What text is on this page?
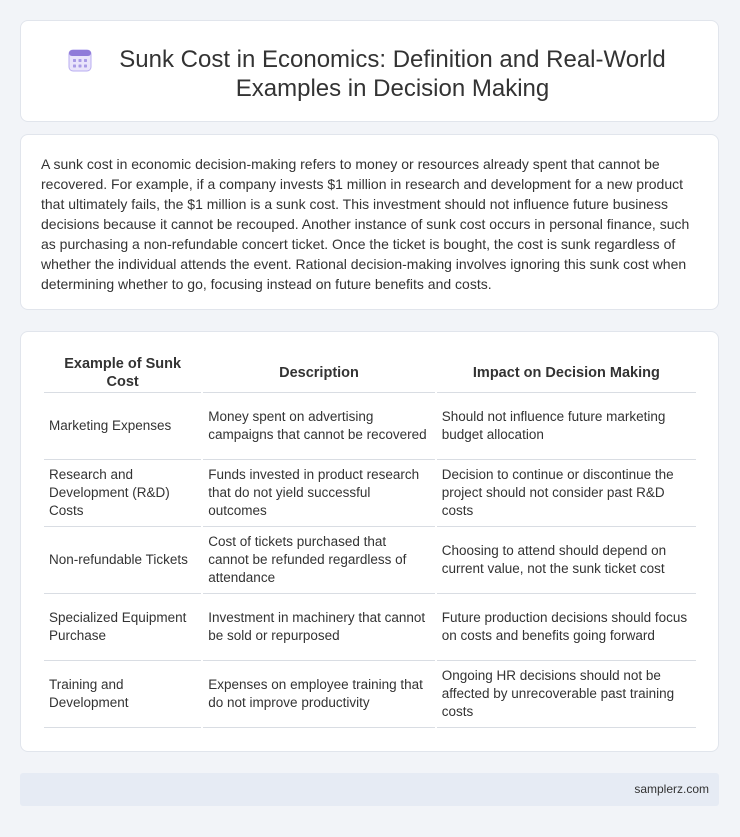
Sunk Cost in Economics: Definition and Real-World Examples in Decision Making

A sunk cost in economic decision-making refers to money or resources already spent that cannot be recovered. For example, if a company invests $1 million in research and development for a new product that ultimately fails, the $1 million is a sunk cost. This investment should not influence future business decisions because it cannot be recouped. Another instance of sunk cost occurs in personal finance, such as purchasing a non-refundable concert ticket. Once the ticket is bought, the cost is sunk regardless of whether the individual attends the event. Rational decision-making involves ignoring this sunk cost when determining whether to go, focusing instead on future benefits and costs.

Example of Sunk Cost	Description	Impact on Decision Making
Marketing Expenses	Money spent on advertising campaigns that cannot be recovered	Should not influence future marketing budget allocation
Research and Development (R&D) Costs	Funds invested in product research that do not yield successful outcomes	Decision to continue or discontinue the project should not consider past R&D costs
Non-refundable Tickets	Cost of tickets purchased that cannot be refunded regardless of attendance	Choosing to attend should depend on current value, not the sunk ticket cost
Specialized Equipment Purchase	Investment in machinery that cannot be sold or repurposed	Future production decisions should focus on costs and benefits going forward
Training and Development	Expenses on employee training that do not improve productivity	Ongoing HR decisions should not be affected by unrecoverable past training costs
samplerz.com
